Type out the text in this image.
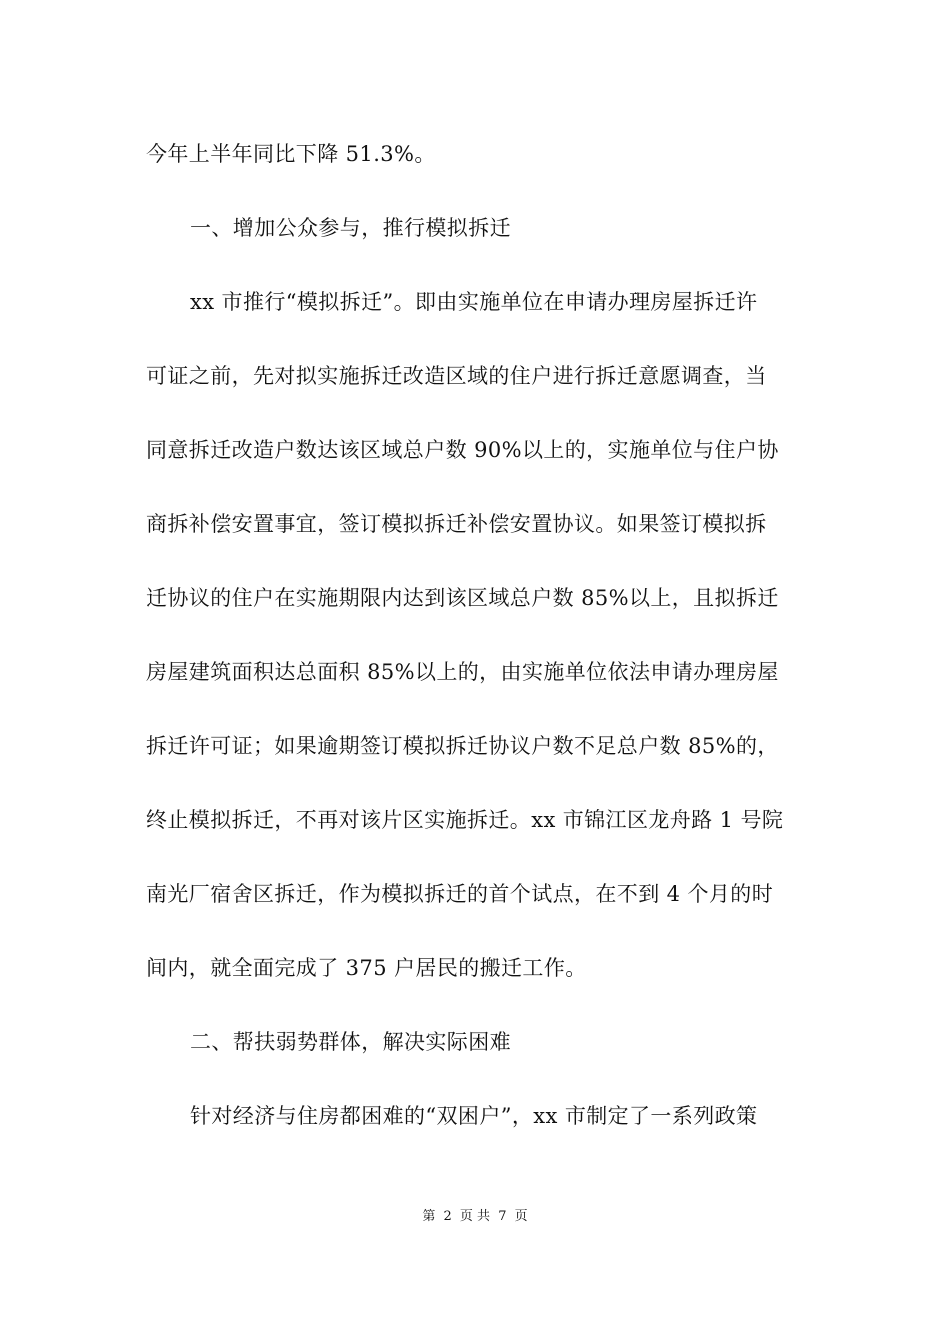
今年上半年同比下降 51.3%。
一、增加公众参与，推行模拟拆迁
xx 市推行“模拟拆迁”。即由实施单位在申请办理房屋拆迁许
可证之前，先对拟实施拆迁改造区域的住户进行拆迁意愿调查，当
同意拆迁改造户数达该区域总户数 90%以上的，实施单位与住户协
商拆补偿安置事宜，签订模拟拆迁补偿安置协议。如果签订模拟拆
迁协议的住户在实施期限内达到该区域总户数 85%以上，且拟拆迁
房屋建筑面积达总面积 85%以上的，由实施单位依法申请办理房屋
拆迁许可证；如果逾期签订模拟拆迁协议户数不足总户数 85%的，
终止模拟拆迁，不再对该片区实施拆迁。xx 市锦江区龙舟路 1 号院
南光厂宿舍区拆迁，作为模拟拆迁的首个试点，在不到 4 个月的时
间内，就全面完成了 375 户居民的搬迁工作。
二、帮扶弱势群体，解决实际困难
针对经济与住房都困难的“双困户”，xx 市制定了一系列政策
第 2 页 共 7 页
